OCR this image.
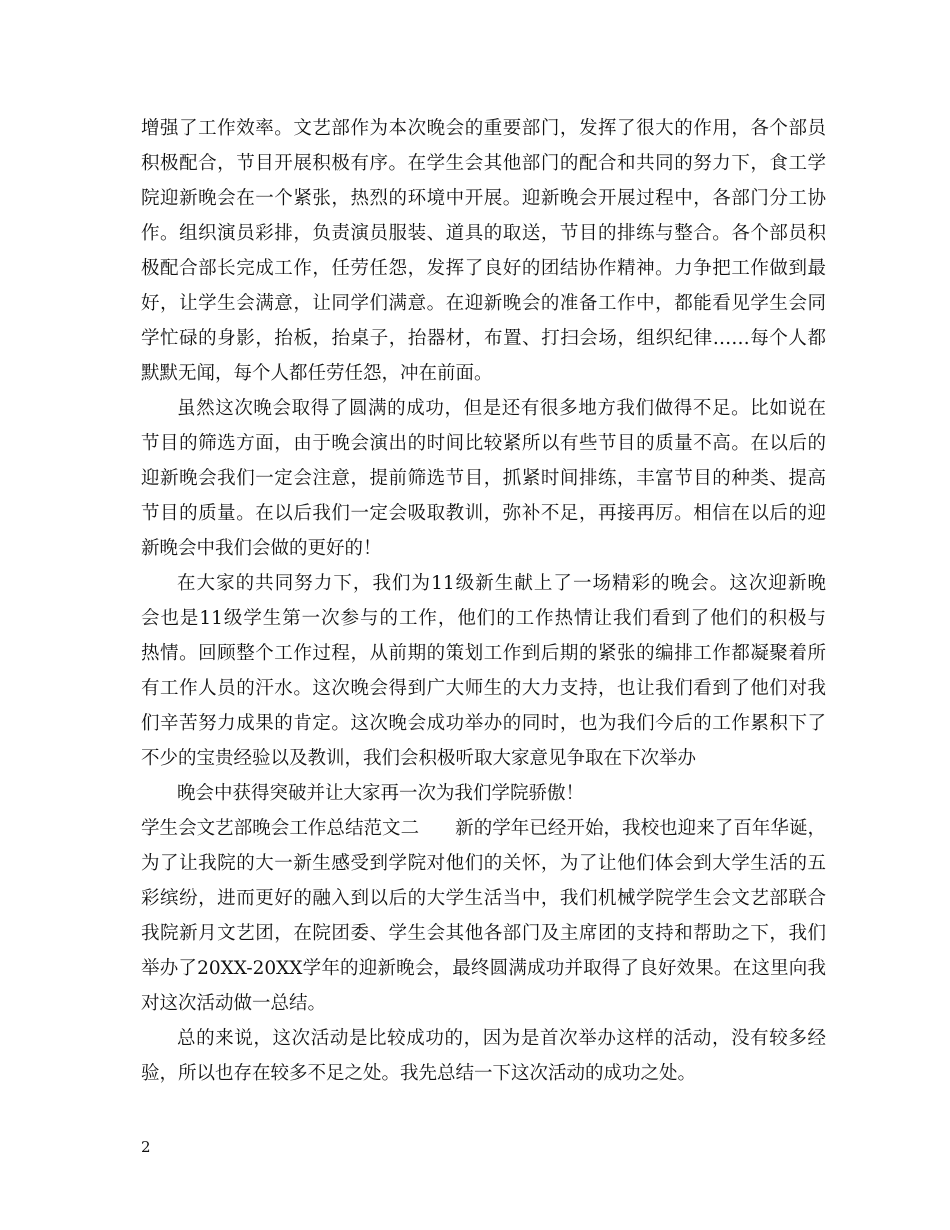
增强了工作效率。文艺部作为本次晚会的重要部门，发挥了很大的作用，各个部员
积极配合，节目开展积极有序。在学生会其他部门的配合和共同的努力下，食工学
院迎新晚会在一个紧张，热烈的环境中开展。迎新晚会开展过程中，各部门分工协
作。组织演员彩排，负责演员服装、道具的取送，节目的排练与整合。各个部员积
极配合部长完成工作，任劳任怨，发挥了良好的团结协作精神。力争把工作做到最
好，让学生会满意，让同学们满意。在迎新晚会的准备工作中，都能看见学生会同
学忙碌的身影，抬板，抬桌子，抬器材，布置、打扫会场，组织纪律……每个人都
默默无闻，每个人都任劳任怨，冲在前面。
虽然这次晚会取得了圆满的成功，但是还有很多地方我们做得不足。比如说在
节目的筛选方面，由于晚会演出的时间比较紧所以有些节目的质量不高。在以后的
迎新晚会我们一定会注意，提前筛选节目，抓紧时间排练，丰富节目的种类、提高
节目的质量。在以后我们一定会吸取教训，弥补不足，再接再厉。相信在以后的迎
新晚会中我们会做的更好的！
在大家的共同努力下，我们为11级新生献上了一场精彩的晚会。这次迎新晚
会也是11级学生第一次参与的工作，他们的工作热情让我们看到了他们的积极与
热情。回顾整个工作过程，从前期的策划工作到后期的紧张的编排工作都凝聚着所
有工作人员的汗水。这次晚会得到广大师生的大力支持，也让我们看到了他们对我
们辛苦努力成果的肯定。这次晚会成功举办的同时，也为我们今后的工作累积下了
不少的宝贵经验以及教训，我们会积极听取大家意见争取在下次举办
晚会中获得突破并让大家再一次为我们学院骄傲！
学生会文艺部晚会工作总结范文二 新的学年已经开始，我校也迎来了百年华诞，
为了让我院的大一新生感受到学院对他们的关怀，为了让他们体会到大学生活的五
彩缤纷，进而更好的融入到以后的大学生活当中，我们机械学院学生会文艺部联合
我院新月文艺团，在院团委、学生会其他各部门及主席团的支持和帮助之下，我们
举办了20XX-20XX学年的迎新晚会，最终圆满成功并取得了良好效果。在这里向我
对这次活动做一总结。
总的来说，这次活动是比较成功的，因为是首次举办这样的活动，没有较多经
验，所以也存在较多不足之处。我先总结一下这次活动的成功之处。
2
